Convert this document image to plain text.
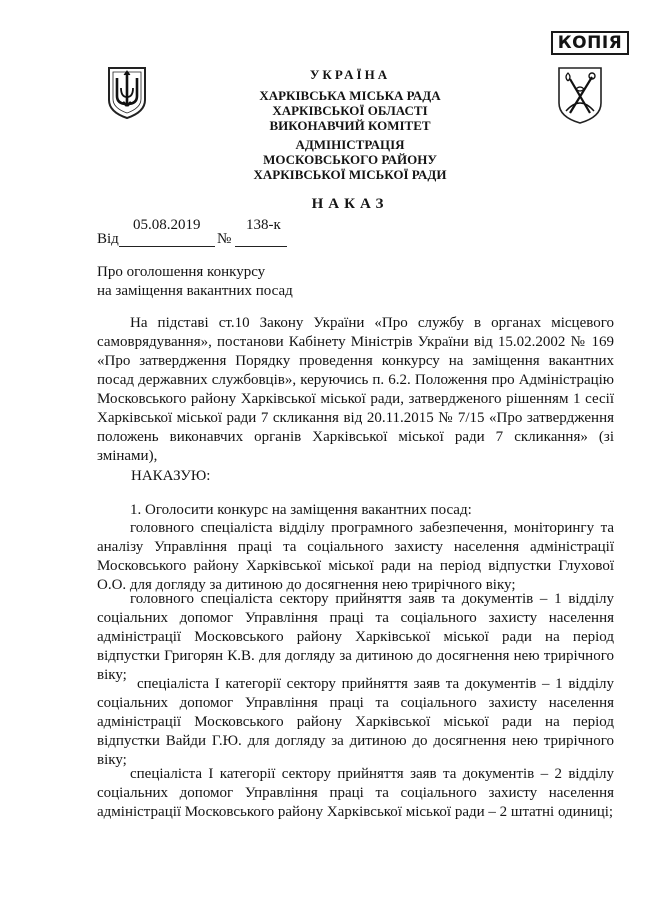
КОПІЯ
УКРАЇНА
ХАРКІВСЬКА МІСЬКА РАДА
ХАРКІВСЬКОЇ ОБЛАСТІ
ВИКОНАВЧИЙ КОМІТЕТ
АДМІНІСТРАЦІЯ
МОСКОВСЬКОГО РАЙОНУ
ХАРКІВСЬКОЇ МІСЬКОЇ РАДИ
НАКАЗ
05.08.2019	138-к
Від	№
Про оголошення конкурсу
на заміщення вакантних посад

На підставі ст.10 Закону України «Про службу в органах місцевого самоврядування», постанови Кабінету Міністрів України від 15.02.2002 № 169 «Про затвердження Порядку проведення конкурсу на заміщення вакантних посад державних службовців», керуючись п. 6.2. Положення про Адміністрацію Московського району Харківської міської ради, затвердженого рішенням 1 сесії Харківської міської ради 7 скликання від 20.11.2015 № 7/15 «Про затвердження положень виконавчих органів Харківської міської ради 7 скликання» (зі змінами),

НАКАЗУЮ:

1. Оголосити конкурс на заміщення вакантних посад:

головного спеціаліста відділу програмного забезпечення, моніторингу та аналізу Управління праці та соціального захисту населення адміністрації Московського району Харківської міської ради на період відпустки Глухової О.О. для догляду за дитиною до досягнення нею трирічного віку;

головного спеціаліста сектору прийняття заяв та документів – 1 відділу соціальних допомог Управління праці та соціального захисту населення адміністрації Московського району Харківської міської ради на період відпустки Григорян К.В. для догляду за дитиною до досягнення нею трирічного віку;

спеціаліста І категорії сектору прийняття заяв та документів – 1 відділу соціальних допомог Управління праці та соціального захисту населення адміністрації Московського району Харківської міської ради на період відпустки Вайди Г.Ю. для догляду за дитиною до досягнення нею трирічного віку;

спеціаліста І категорії сектору прийняття заяв та документів – 2 відділу соціальних допомог Управління праці та соціального захисту населення адміністрації Московського району Харківської міської ради – 2 штатні одиниці;
